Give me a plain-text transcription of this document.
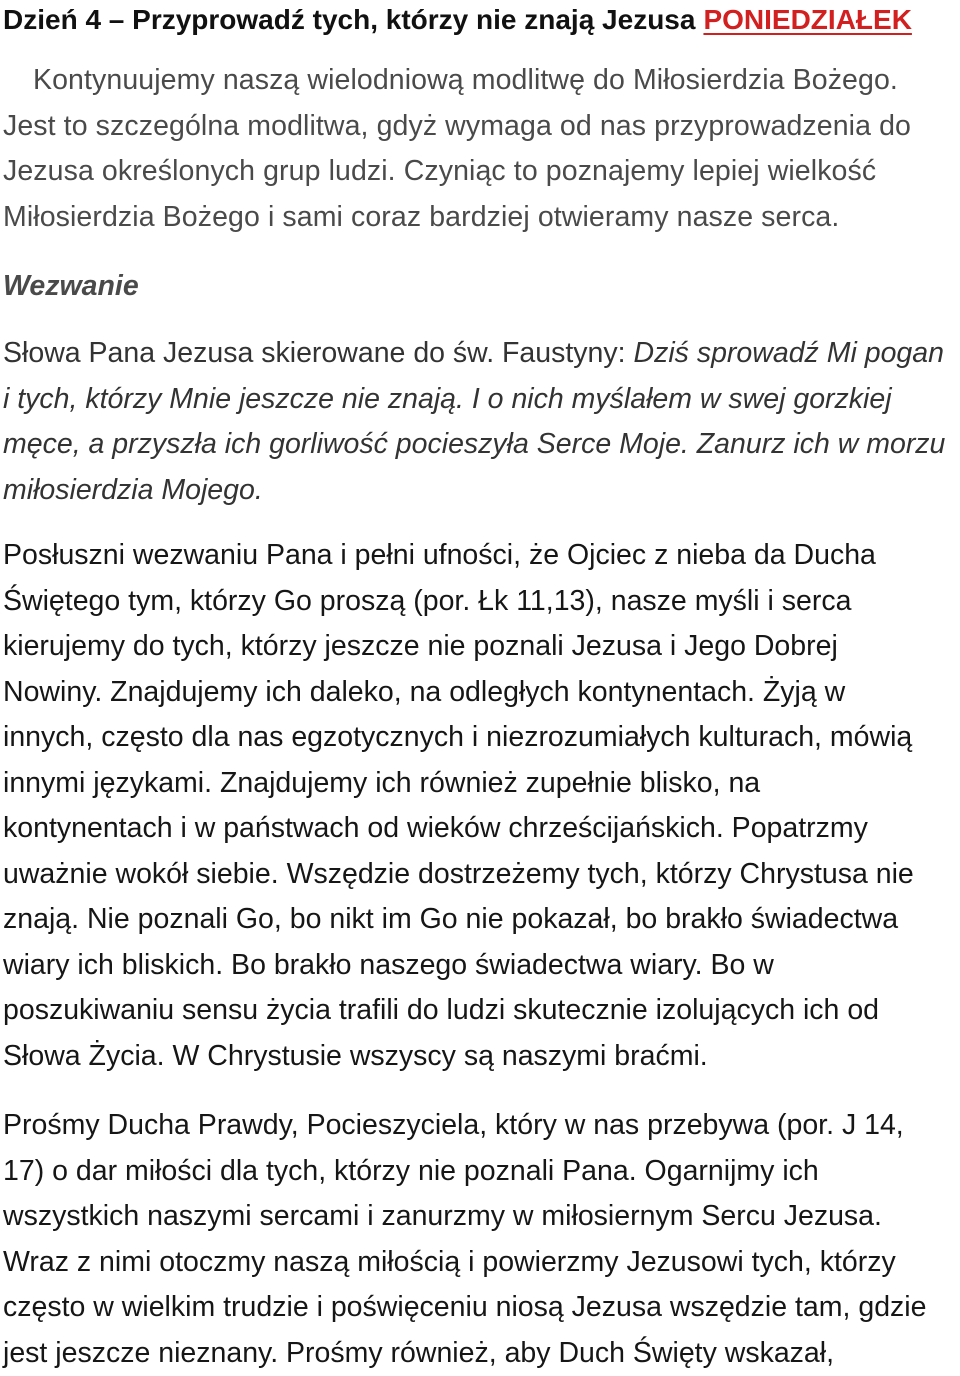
Dzień 4 – Przyprowadź tych, którzy nie znają Jezusa PONIEDZIAŁEK

Kontynuujemy naszą wielodniową modlitwę do Miłosierdzia Bożego.
Jest to szczególna modlitwa, gdyż wymaga od nas przyprowadzenia do
Jezusa określonych grup ludzi. Czyniąc to poznajemy lepiej wielkość
Miłosierdzia Bożego i sami coraz bardziej otwieramy nasze serca.

Wezwanie

Słowa Pana Jezusa skierowane do św. Faustyny: Dziś sprowadź Mi pogan
i tych, którzy Mnie jeszcze nie znają. I o nich myślałem w swej gorzkiej
męce, a przyszła ich gorliwość pocieszyła Serce Moje. Zanurz ich w morzu
miłosierdzia Mojego.

Posłuszni wezwaniu Pana i pełni ufności, że Ojciec z nieba da Ducha
Świętego tym, którzy Go proszą (por. Łk 11,13), nasze myśli i serca
kierujemy do tych, którzy jeszcze nie poznali Jezusa i Jego Dobrej
Nowiny. Znajdujemy ich daleko, na odległych kontynentach. Żyją w
innych, często dla nas egzotycznych i niezrozumiałych kulturach, mówią
innymi językami. Znajdujemy ich również zupełnie blisko, na
kontynentach i w państwach od wieków chrześcijańskich. Popatrzmy
uważnie wokół siebie. Wszędzie dostrzeżemy tych, którzy Chrystusa nie
znają. Nie poznali Go, bo nikt im Go nie pokazał, bo brakło świadectwa
wiary ich bliskich. Bo brakło naszego świadectwa wiary. Bo w
poszukiwaniu sensu życia trafili do ludzi skutecznie izolujących ich od
Słowa Życia. W Chrystusie wszyscy są naszymi braćmi.

Prośmy Ducha Prawdy, Pocieszyciela, który w nas przebywa (por. J 14,
17) o dar miłości dla tych, którzy nie poznali Pana. Ogarnijmy ich
wszystkich naszymi sercami i zanurzmy w miłosiernym Sercu Jezusa.
Wraz z nimi otoczmy naszą miłością i powierzmy Jezusowi tych, którzy
często w wielkim trudzie i poświęceniu niosą Jezusa wszędzie tam, gdzie
jest jeszcze nieznany. Prośmy również, aby Duch Święty wskazał,
